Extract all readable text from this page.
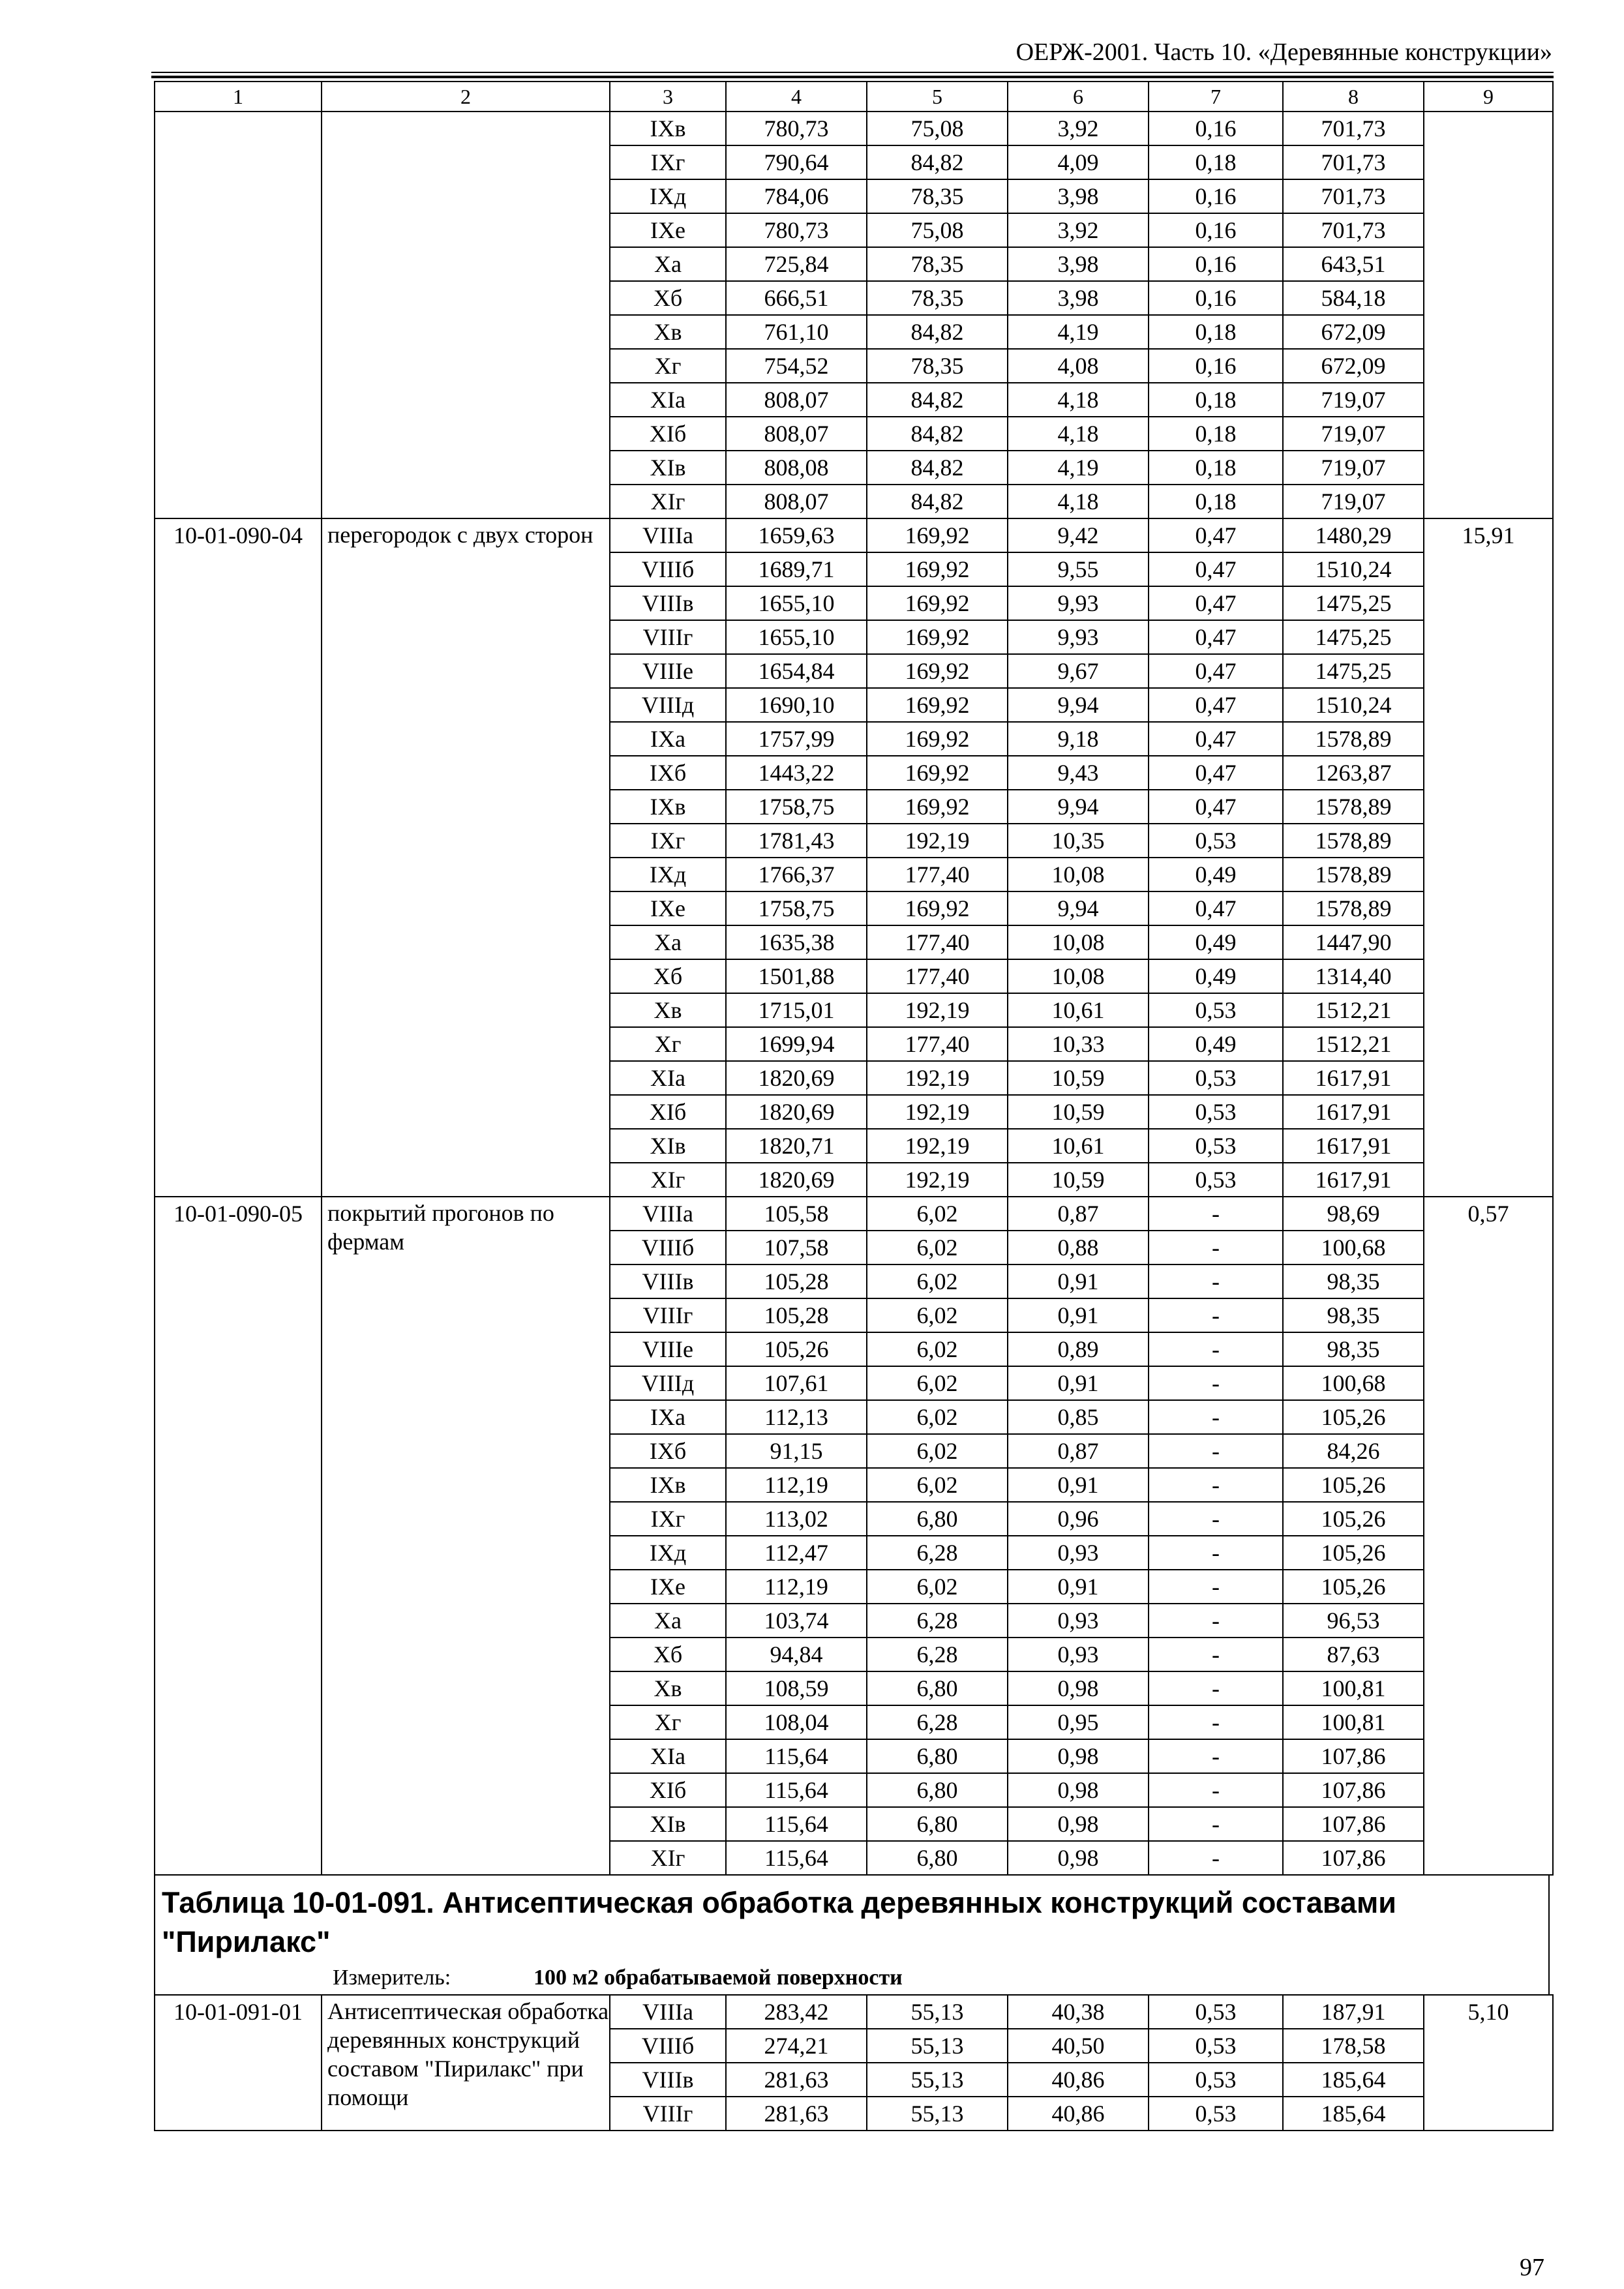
ОЕРЖ-2001. Часть 10. «Деревянные конструкции»
1	2	3	4	5	6	7	8	9
		IXв	780,73	75,08	3,92	0,16	701,73	
		IXг	790,64	84,82	4,09	0,18	701,73	
		IXд	784,06	78,35	3,98	0,16	701,73	
		IXе	780,73	75,08	3,92	0,16	701,73	
		Xа	725,84	78,35	3,98	0,16	643,51	
		Xб	666,51	78,35	3,98	0,16	584,18	
		Xв	761,10	84,82	4,19	0,18	672,09	
		Xг	754,52	78,35	4,08	0,16	672,09	
		XIа	808,07	84,82	4,18	0,18	719,07	
		XIб	808,07	84,82	4,18	0,18	719,07	
		XIв	808,08	84,82	4,19	0,18	719,07	
		XIг	808,07	84,82	4,18	0,18	719,07	
10-01-090-04	перегородок с двух сторон	VIIIа	1659,63	169,92	9,42	0,47	1480,29	15,91
		VIIIб	1689,71	169,92	9,55	0,47	1510,24	
		VIIIв	1655,10	169,92	9,93	0,47	1475,25	
		VIIIг	1655,10	169,92	9,93	0,47	1475,25	
		VIIIе	1654,84	169,92	9,67	0,47	1475,25	
		VIIIд	1690,10	169,92	9,94	0,47	1510,24	
		IXа	1757,99	169,92	9,18	0,47	1578,89	
		IXб	1443,22	169,92	9,43	0,47	1263,87	
		IXв	1758,75	169,92	9,94	0,47	1578,89	
		IXг	1781,43	192,19	10,35	0,53	1578,89	
		IXд	1766,37	177,40	10,08	0,49	1578,89	
		IXе	1758,75	169,92	9,94	0,47	1578,89	
		Xа	1635,38	177,40	10,08	0,49	1447,90	
		Xб	1501,88	177,40	10,08	0,49	1314,40	
		Xв	1715,01	192,19	10,61	0,53	1512,21	
		Xг	1699,94	177,40	10,33	0,49	1512,21	
		XIа	1820,69	192,19	10,59	0,53	1617,91	
		XIб	1820,69	192,19	10,59	0,53	1617,91	
		XIв	1820,71	192,19	10,61	0,53	1617,91	
		XIг	1820,69	192,19	10,59	0,53	1617,91	
10-01-090-05	покрытий прогонов по фермам	VIIIа	105,58	6,02	0,87	-	98,69	0,57
		VIIIб	107,58	6,02	0,88	-	100,68	
		VIIIв	105,28	6,02	0,91	-	98,35	
		VIIIг	105,28	6,02	0,91	-	98,35	
		VIIIе	105,26	6,02	0,89	-	98,35	
		VIIIд	107,61	6,02	0,91	-	100,68	
		IXа	112,13	6,02	0,85	-	105,26	
		IXб	91,15	6,02	0,87	-	84,26	
		IXв	112,19	6,02	0,91	-	105,26	
		IXг	113,02	6,80	0,96	-	105,26	
		IXд	112,47	6,28	0,93	-	105,26	
		IXе	112,19	6,02	0,91	-	105,26	
		Xа	103,74	6,28	0,93	-	96,53	
		Xб	94,84	6,28	0,93	-	87,63	
		Xв	108,59	6,80	0,98	-	100,81	
		Xг	108,04	6,28	0,95	-	100,81	
		XIа	115,64	6,80	0,98	-	107,86	
		XIб	115,64	6,80	0,98	-	107,86	
		XIв	115,64	6,80	0,98	-	107,86	
		XIг	115,64	6,80	0,98	-	107,86	

Таблица 10-01-091. Антисептическая обработка деревянных конструкций составами "Пирилакс"

Измеритель:	100 м2 обрабатываемой поверхности
10-01-091-01	Антисептическая обработка деревянных конструкций составом "Пирилакс" при помощи	VIIIа	283,42	55,13	40,38	0,53	187,91	5,10
		VIIIб	274,21	55,13	40,50	0,53	178,58	
		VIIIв	281,63	55,13	40,86	0,53	185,64	
		VIIIг	281,63	55,13	40,86	0,53	185,64	
97
